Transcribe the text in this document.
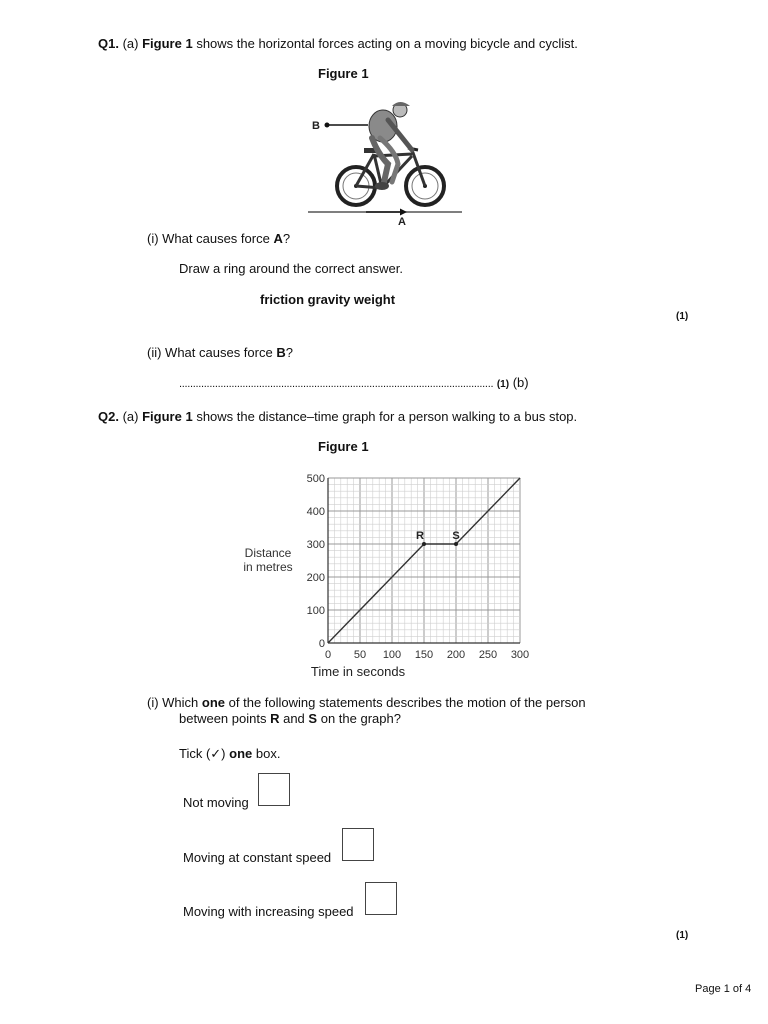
Q1. (a) Figure 1 shows the horizontal forces acting on a moving bicycle and cyclist.
Figure 1
B
A
(i) What causes force A?
Draw a ring around the correct answer.
friction gravity weight
(1)
(ii) What causes force B?
.................................................................................................................. (1) (b)
Q2. (a) Figure 1 shows the distance–time graph for a person walking to a bus stop.
Figure 1
0 50 100 150 200 250 300
0
100
200
300
400
500
R	S
Distance
in metres
Time in seconds
(i) Which one of the following statements describes the motion of the person
between points R and S on the graph?
Tick (✓) one box.
Not moving
Moving at constant speed
Moving with increasing speed
(1)
Page 1 of 4
